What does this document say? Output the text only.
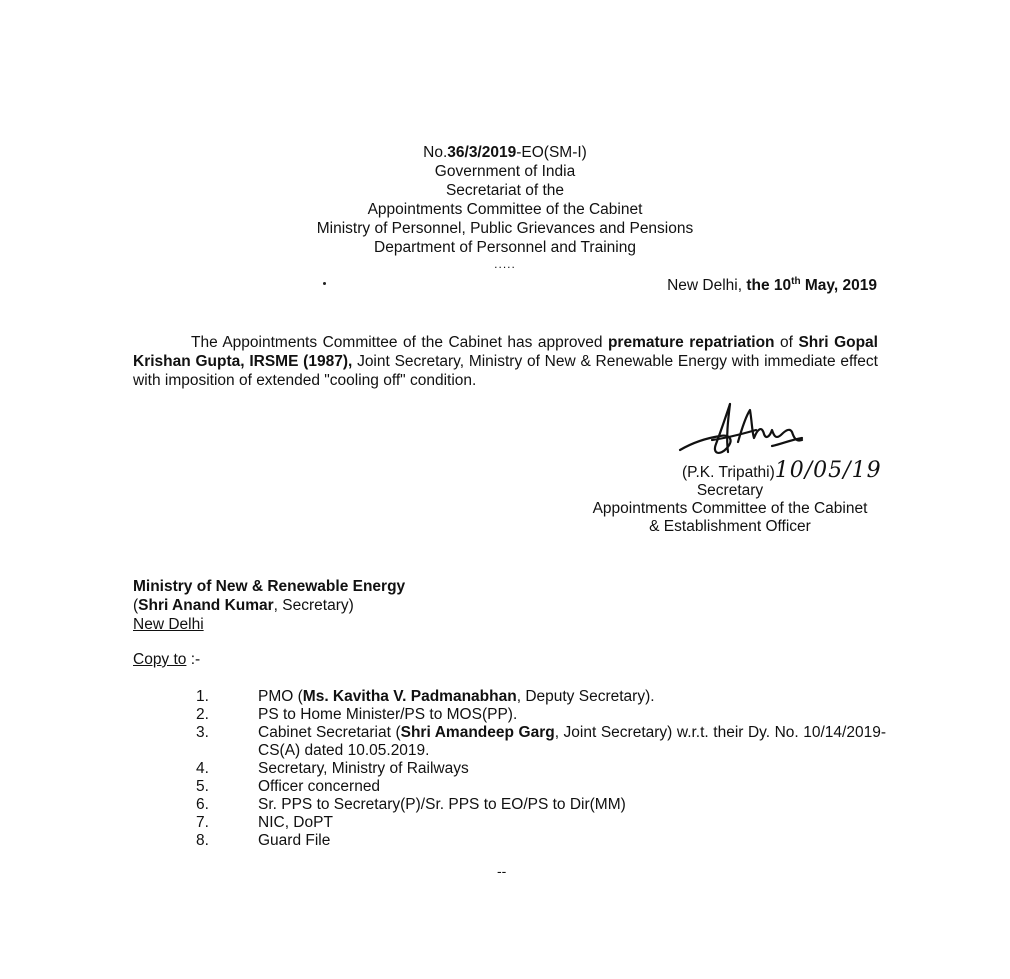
No.36/3/2019-EO(SM-I)
Government of India
Secretariat of the
Appointments Committee of the Cabinet
Ministry of Personnel, Public Grievances and Pensions
Department of Personnel and Training
.....
New Delhi, the 10th May, 2019
The Appointments Committee of the Cabinet has approved premature repatriation of Shri Gopal Krishan Gupta, IRSME (1987), Joint Secretary, Ministry of New & Renewable Energy with immediate effect with imposition of extended "cooling off" condition.
(P.K. Tripathi)10/05/19
Secretary
Appointments Committee of the Cabinet
& Establishment Officer
Ministry of New & Renewable Energy
(Shri Anand Kumar, Secretary)
New Delhi
Copy to :-
1.	PMO (Ms. Kavitha V. Padmanabhan, Deputy Secretary).
2.	PS to Home Minister/PS to MOS(PP).
3.	Cabinet Secretariat (Shri Amandeep Garg, Joint Secretary) w.r.t. their Dy. No. 10/14/2019-CS(A) dated 10.05.2019.
4.	Secretary, Ministry of Railways
5.	Officer concerned
6.	Sr. PPS to Secretary(P)/Sr. PPS to EO/PS to Dir(MM)
7.	NIC, DoPT
8.	Guard File
--
